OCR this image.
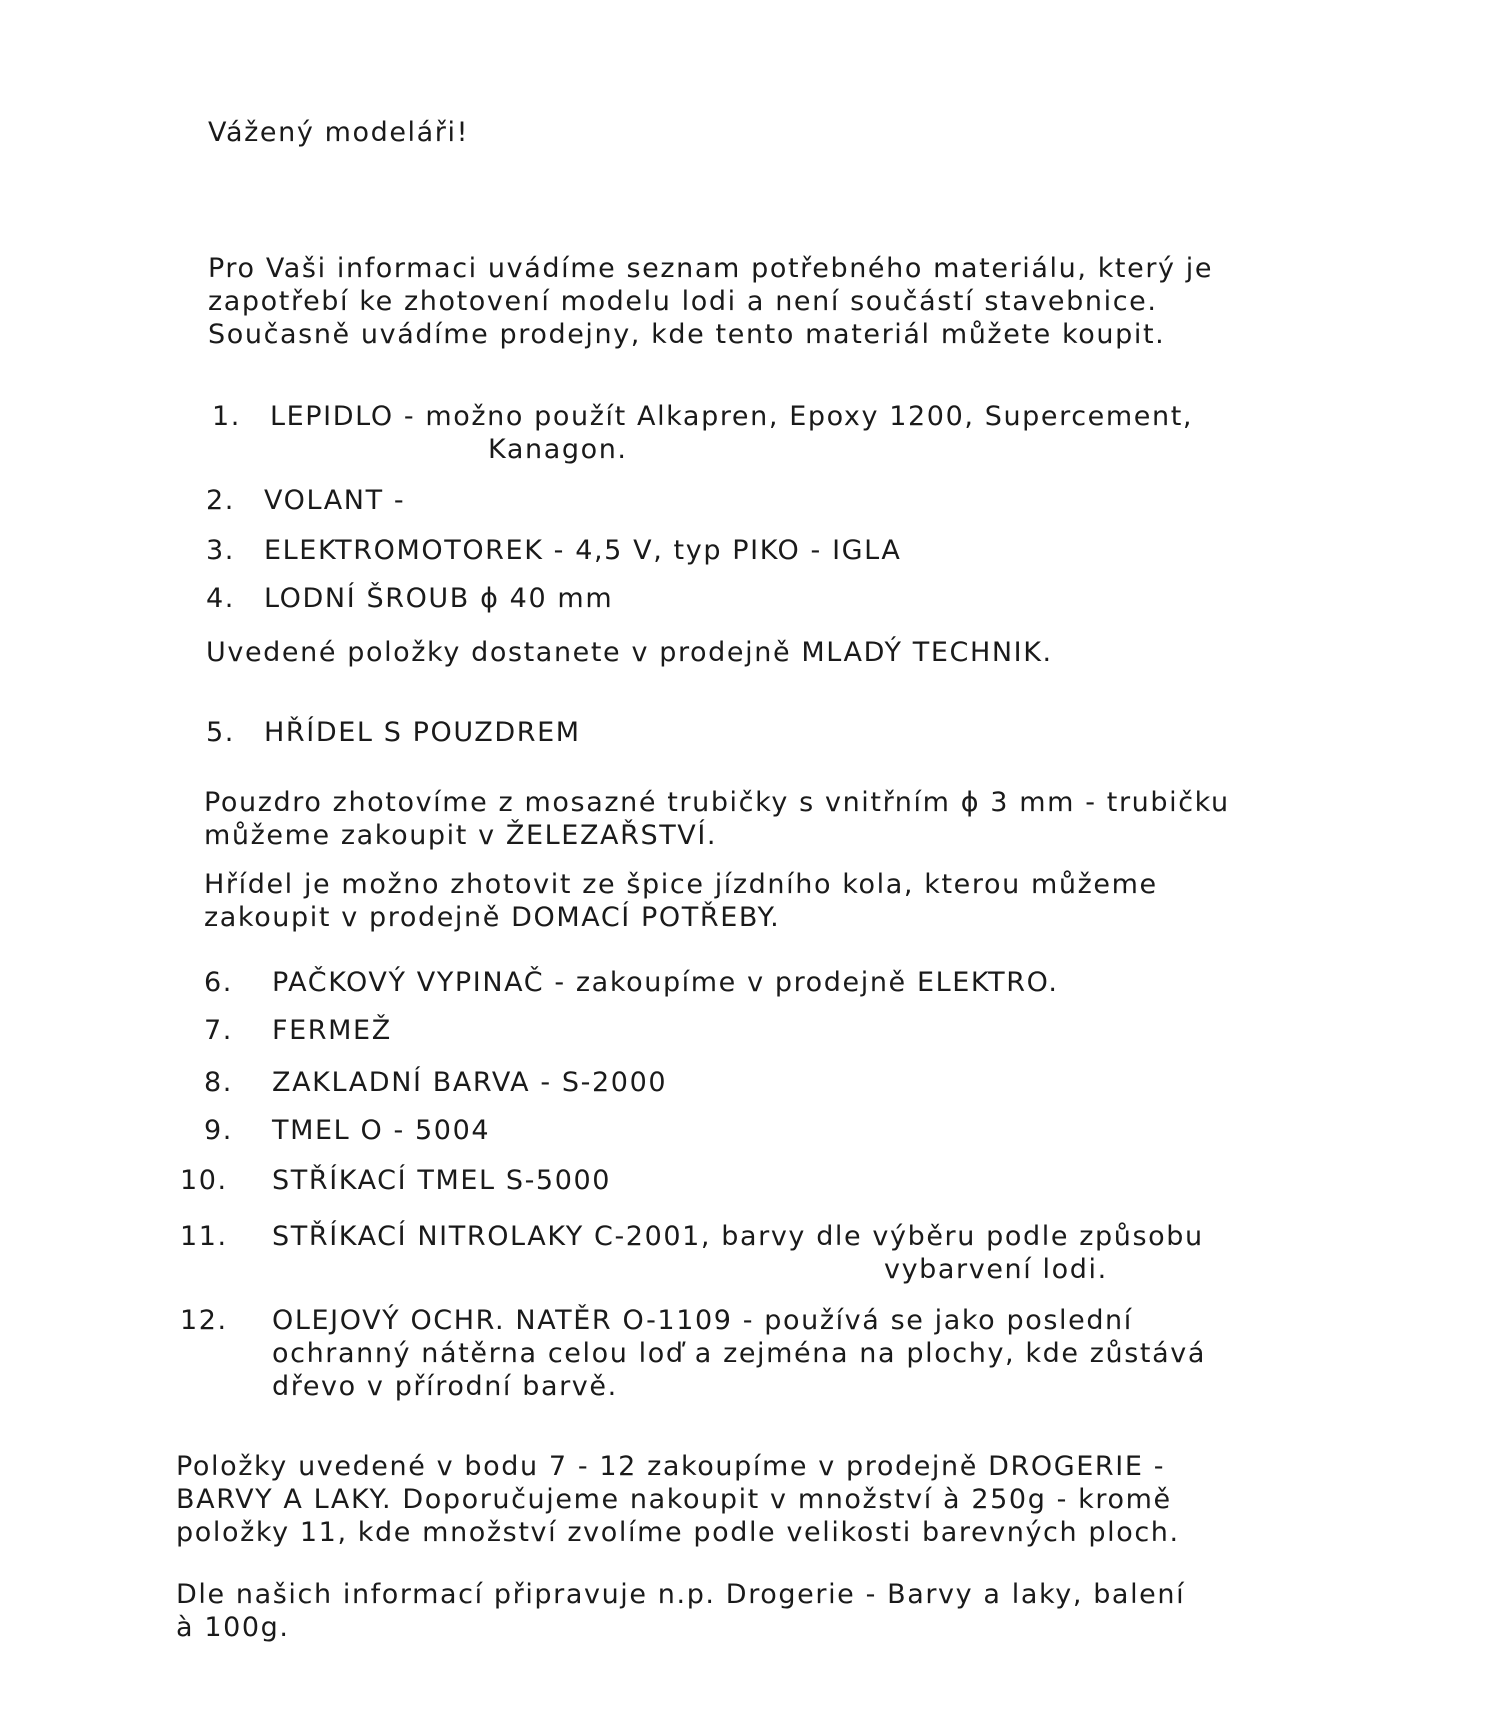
Vážený modeláři!

Pro Vaši informaci uvádíme seznam potřebného materiálu, který je
zapotřebí ke zhotovení modelu lodi a není součástí stavebnice.
Současně uvádíme prodejny, kde tento materiál můžete koupit.
1.	LEPIDLO - možno použít Alkapren, Epoxy 1200, Supercement,
Kanagon.
2.	VOLANT -
3.	ELEKTROMOTOREK - 4,5 V, typ PIKO - IGLA
4.	LODNÍ ŠROUB ϕ 40 mm

Uvedené položky dostanete v prodejně MLADÝ TECHNIK.

5.	HŘÍDEL S POUZDREM
Pouzdro zhotovíme z mosazné trubičky s vnitřním ϕ 3 mm - trubičku
můžeme zakoupit v ŽELEZAŘSTVÍ.
Hřídel je možno zhotovit ze špice jízdního kola, kterou můžeme
zakoupit v prodejně DOMACÍ POTŘEBY.
6.	PAČKOVÝ VYPINAČ - zakoupíme v prodejně ELEKTRO.
7.	FERMEŽ
8.	ZAKLADNÍ BARVA - S-2000
9.	TMEL O - 5004
10.	STŘÍKACÍ TMEL S-5000
11.	STŘÍKACÍ NITROLAKY C-2001, barvy dle výběru podle způsobu
vybarvení lodi.
12.	OLEJOVÝ OCHR. NATĚR O-1109 - používá se jako poslední
ochranný nátěrna celou loď a zejména na plochy, kde zůstává
dřevo v přírodní barvě.
Položky uvedené v bodu 7 - 12 zakoupíme v prodejně DROGERIE -
BARVY A LAKY. Doporučujeme nakoupit v množství à 250g - kromě
položky 11, kde množství zvolíme podle velikosti barevných ploch.
Dle našich informací připravuje n.p. Drogerie - Barvy a laky, balení
à 100g.
